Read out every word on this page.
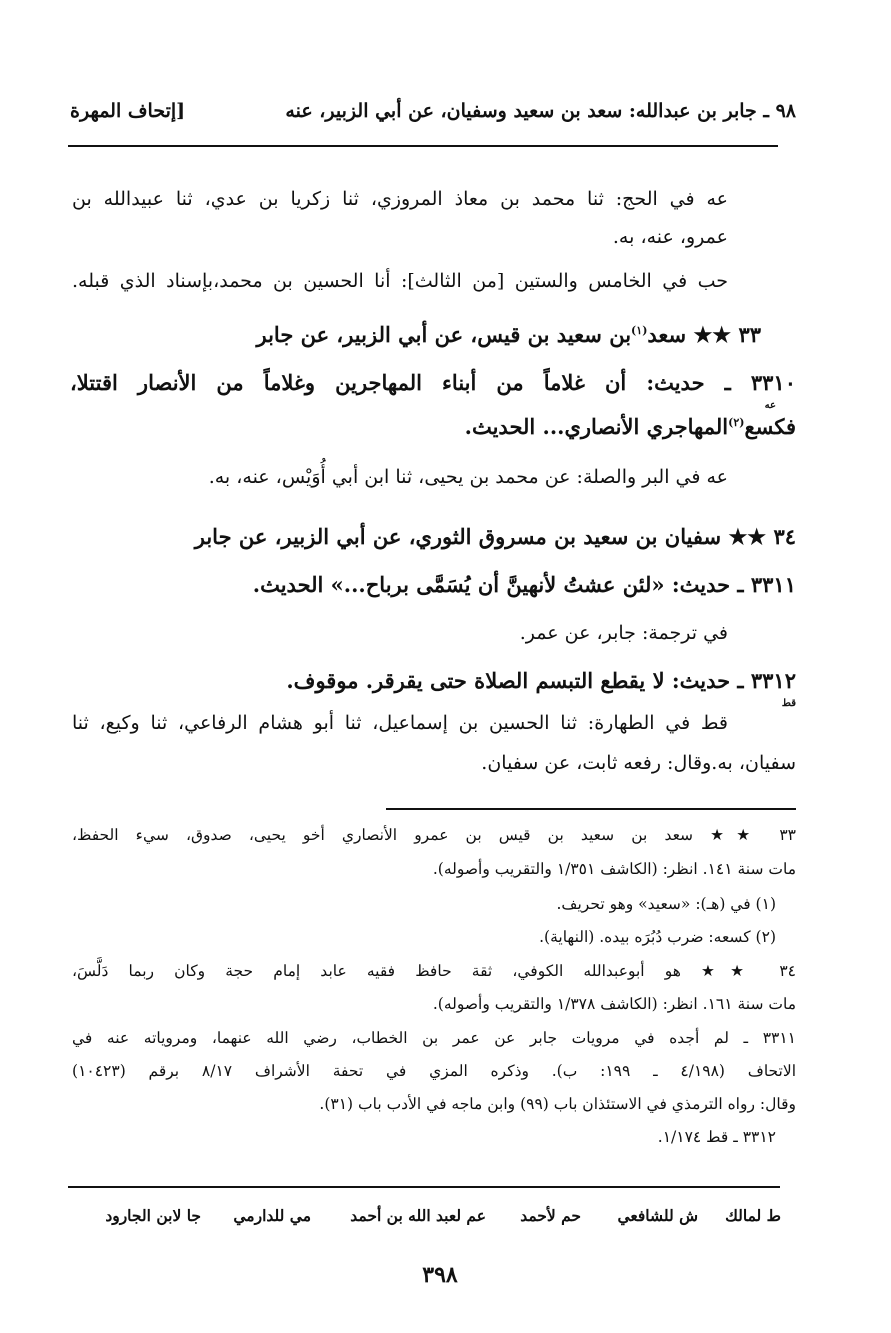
٩٨ ـ جابر بن عبدالله: سعد بن سعيد وسفيان، عن أبي الزبير، عنه
[إتحاف المهرة
عه في الحج: ثنا محمد بن معاذ المروزي، ثنا زكريا بن عدي، ثنا عبيدالله بن
عمرو، عنه، به.
حب في الخامس والستين [من الثالث]: أنا الحسين بن محمد،بإسناد الذي قبله.
٣٣ ★★ سعد$^{(١)}$بن سعيد بن قيس، عن أبي الزبير، عن جابر
٣٣١٠ ـ حديث: أن غلاماً من أبناء المهاجرين وغلاماً من الأنصار اقتتلا،
عه
فكسع$^{(٢)}$المهاجري الأنصاري... الحديث.
عه في البر والصلة: عن محمد بن يحيى، ثنا ابن أبي أُوَيْس، عنه، به.
٣٤ ★★ سفيان بن سعيد بن مسروق الثوري، عن أبي الزبير، عن جابر
٣٣١١ ـ حديث: «لئن عشتُ لأنهينَّ أن يُسَمَّى برباح...» الحديث.
في ترجمة: جابر، عن عمر.
٣٣١٢ ـ حديث: لا يقطع التبسم الصلاة حتى يقرقر. موقوف.
قط
قط في الطهارة: ثنا الحسين بن إسماعيل، ثنا أبو هشام الرفاعي، ثنا وكيع، ثنا
سفيان، به.وقال: رفعه ثابت، عن سفيان.
٣٣ ★★ سعد بن سعيد بن قيس بن عمرو الأنصاري أخو يحيى، صدوق، سيء الحفظ،
مات سنة ١٤١. انظر: (الكاشف ١/٣٥١ والتقريب وأصوله).
(١) في (هـ): «سعيد» وهو تحريف.
(٢) كسعه: ضرب دُبُرَه بيده. (النهاية).
٣٤ ★★ هو أبوعبدالله الكوفي، ثقة حافظ فقيه عابد إمام حجة وكان ربما دَلَّسَ،
مات سنة ١٦١. انظر: (الكاشف ١/٣٧٨ والتقريب وأصوله).
٣٣١١ ـ لم أجده في مرويات جابر عن عمر بن الخطاب، رضي الله عنهما، ومروياته عنه في
الاتحاف (٤/١٩٨ ـ ١٩٩: ب). وذكره المزي في تحفة الأشراف ٨/١٧ برقم (١٠٤٢٣)
وقال: رواه الترمذي في الاستئذان باب (٩٩) وابن ماجه في الأدب باب (٣١).
٣٣١٢ ـ قط ١/١٧٤.
ط لمالك
ش للشافعي
حم لأحمد
عم لعبد الله بن أحمد
مي للدارمي
جا لابن الجارود
٣٩٨
